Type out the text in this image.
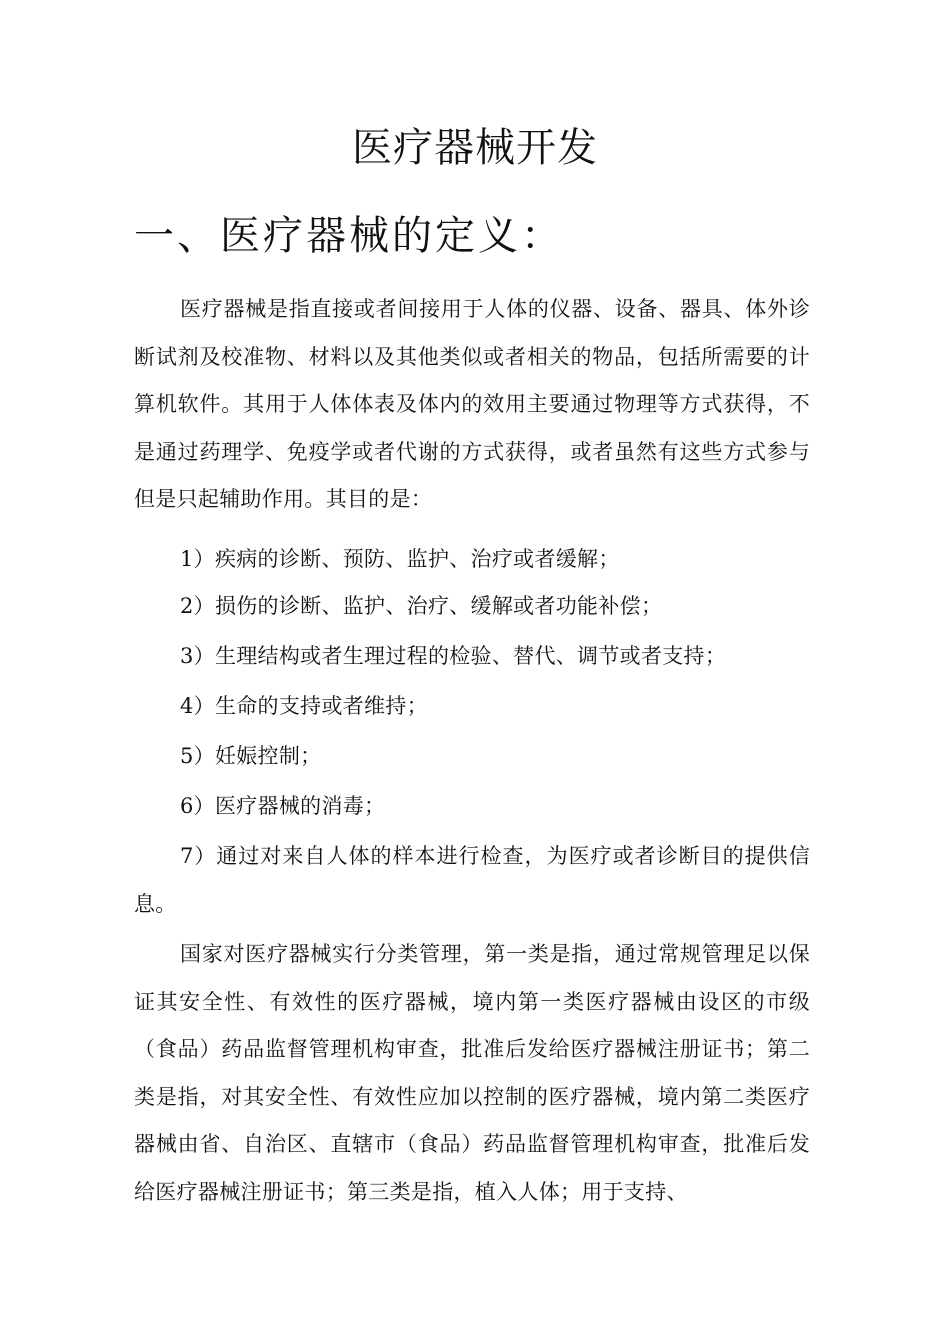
医疗器械开发
一、医疗器械的定义：

医疗器械是指直接或者间接用于人体的仪器、设备、器具、体外诊断试剂及校准物、材料以及其他类似或者相关的物品，包括所需要的计算机软件。其用于人体体表及体内的效用主要通过物理等方式获得，不是通过药理学、免疫学或者代谢的方式获得，或者虽然有这些方式参与但是只起辅助作用。其目的是：

1）疾病的诊断、预防、监护、治疗或者缓解；

2）损伤的诊断、监护、治疗、缓解或者功能补偿；

3）生理结构或者生理过程的检验、替代、调节或者支持；

4）生命的支持或者维持；

5）妊娠控制；

6）医疗器械的消毒；

7）通过对来自人体的样本进行检查，为医疗或者诊断目的提供信息。

国家对医疗器械实行分类管理，第一类是指，通过常规管理足以保证其安全性、有效性的医疗器械，境内第一类医疗器械由设区的市级（食品）药品监督管理机构审查，批准后发给医疗器械注册证书；第二类是指，对其安全性、有效性应加以控制的医疗器械，境内第二类医疗器械由省、自治区、直辖市（食品）药品监督管理机构审查，批准后发给医疗器械注册证书；第三类是指，植入人体；用于支持、
